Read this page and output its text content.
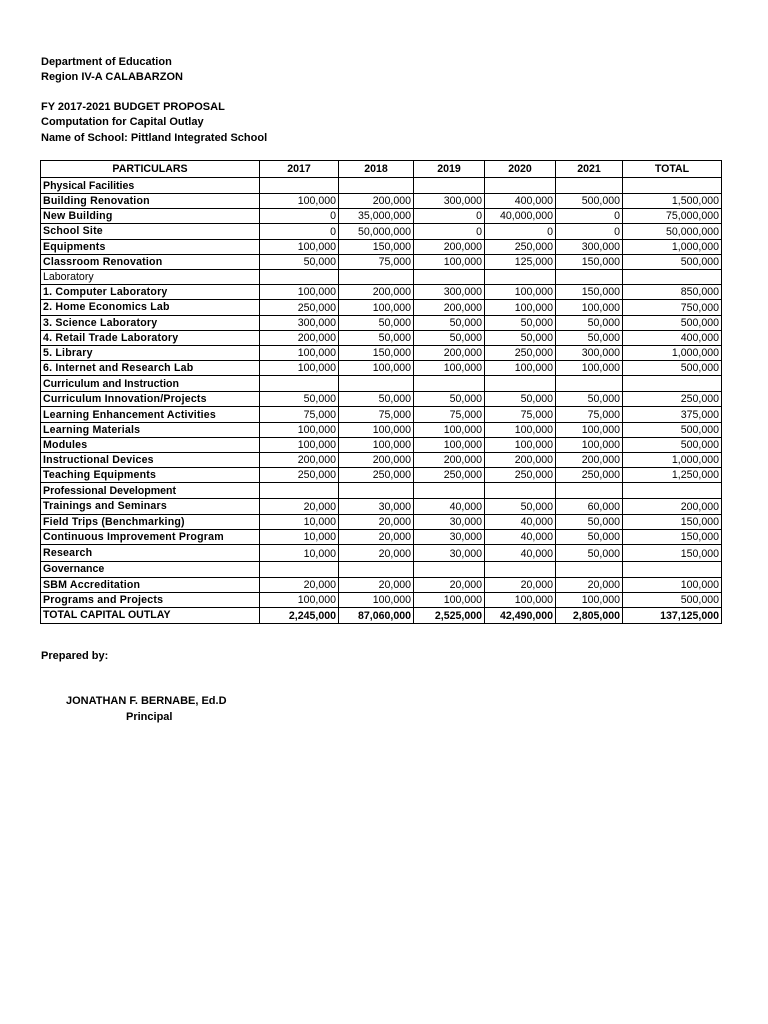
Department of Education
Region IV-A CALABARZON
FY 2017-2021 BUDGET PROPOSAL
Computation for Capital Outlay
Name of School: Pittland Integrated School
PARTICULARS	2017	2018	2019	2020	2021	TOTAL
Physical Facilities						
Building Renovation	100,000	200,000	300,000	400,000	500,000	1,500,000
New Building	0	35,000,000	0	40,000,000	0	75,000,000
School Site	0	50,000,000	0	0	0	50,000,000
Equipments	100,000	150,000	200,000	250,000	300,000	1,000,000
Classroom Renovation	50,000	75,000	100,000	125,000	150,000	500,000
Laboratory						
1. Computer Laboratory	100,000	200,000	300,000	100,000	150,000	850,000
2. Home Economics Lab	250,000	100,000	200,000	100,000	100,000	750,000
3. Science Laboratory	300,000	50,000	50,000	50,000	50,000	500,000
4. Retail Trade Laboratory	200,000	50,000	50,000	50,000	50,000	400,000
5. Library	100,000	150,000	200,000	250,000	300,000	1,000,000
6. Internet and Research Lab	100,000	100,000	100,000	100,000	100,000	500,000
Curriculum and Instruction						
Curriculum Innovation/Projects	50,000	50,000	50,000	50,000	50,000	250,000
Learning Enhancement Activities	75,000	75,000	75,000	75,000	75,000	375,000
Learning Materials	100,000	100,000	100,000	100,000	100,000	500,000
Modules	100,000	100,000	100,000	100,000	100,000	500,000
Instructional Devices	200,000	200,000	200,000	200,000	200,000	1,000,000
Teaching Equipments	250,000	250,000	250,000	250,000	250,000	1,250,000
Professional Development						
Trainings and Seminars	20,000	30,000	40,000	50,000	60,000	200,000
Field Trips (Benchmarking)	10,000	20,000	30,000	40,000	50,000	150,000
Continuous Improvement Program	10,000	20,000	30,000	40,000	50,000	150,000
Research	10,000	20,000	30,000	40,000	50,000	150,000
Governance						
SBM Accreditation	20,000	20,000	20,000	20,000	20,000	100,000
Programs and Projects	100,000	100,000	100,000	100,000	100,000	500,000
TOTAL CAPITAL OUTLAY	2,245,000	87,060,000	2,525,000	42,490,000	2,805,000	137,125,000
Prepared by:
JONATHAN F. BERNABE, Ed.D
Principal
